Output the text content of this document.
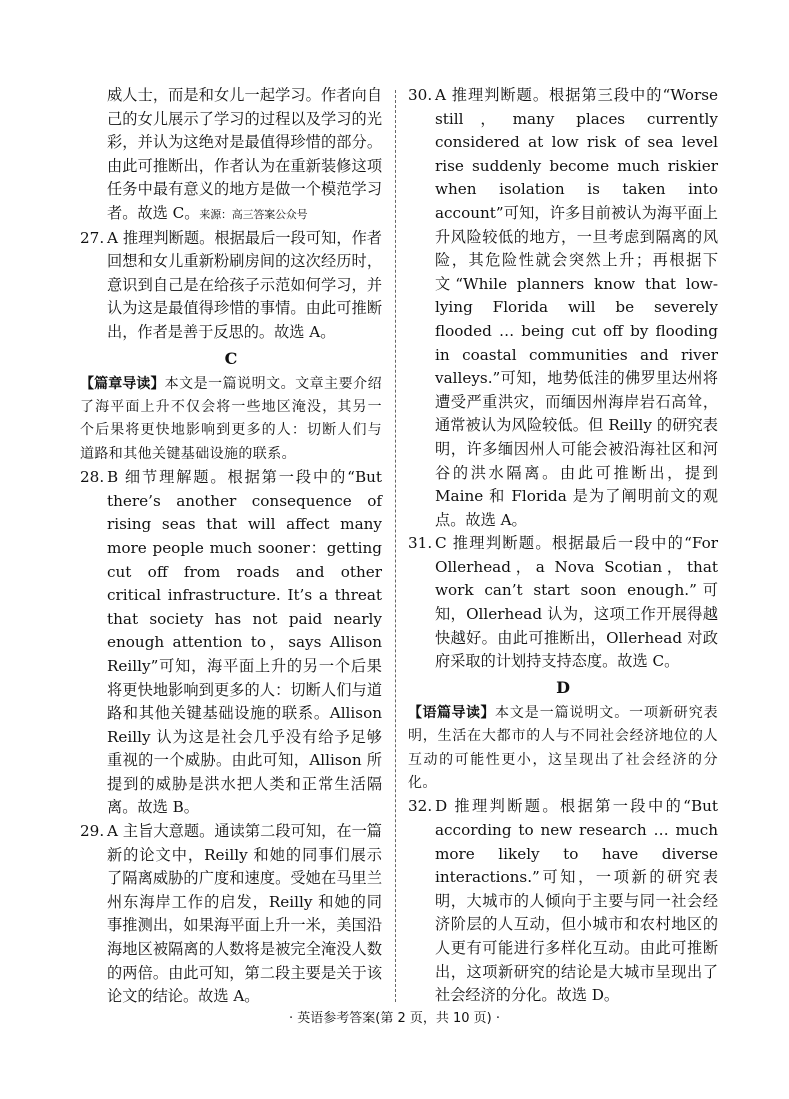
威人士，而是和女儿一起学习。作者向自己的女儿展示了学习的过程以及学习的光彩，并认为这绝对是最值得珍惜的部分。由此可推断出，作者认为在重新装修这项任务中最有意义的地方是做一个模范学习者。故选 C。来源：高三答案公众号
27. A 推理判断题。根据最后一段可知，作者回想和女儿重新粉刷房间的这次经历时，意识到自己是在给孩子示范如何学习，并认为这是最值得珍惜的事情。由此可推断出，作者是善于反思的。故选 A。
C
【篇章导读】本文是一篇说明文。文章主要介绍了海平面上升不仅会将一些地区淹没，其另一个后果将更快地影响到更多的人：切断人们与道路和其他关键基础设施的联系。
28. B 细节理解题。根据第一段中的“But there’s another consequence of rising seas that will affect many more people much sooner：getting cut off from roads and other critical infrastructure. It’s a threat that society has not paid nearly enough attention to，says Allison Reilly”可知，海平面上升的另一个后果将更快地影响到更多的人：切断人们与道路和其他关键基础设施的联系。Allison Reilly 认为这是社会几乎没有给予足够重视的一个威胁。由此可知，Allison 所提到的威胁是洪水把人类和正常生活隔离。故选 B。
29. A 主旨大意题。通读第二段可知，在一篇新的论文中，Reilly 和她的同事们展示了隔离威胁的广度和速度。受她在马里兰州东海岸工作的启发，Reilly 和她的同事推测出，如果海平面上升一米，美国沿海地区被隔离的人数将是被完全淹没人数的两倍。由此可知，第二段主要是关于该论文的结论。故选 A。
30. A 推理判断题。根据第三段中的“Worse still，many places currently considered at low risk of sea level rise suddenly become much riskier when isolation is taken into account”可知，许多目前被认为海平面上升风险较低的地方，一旦考虑到隔离的风险，其危险性就会突然上升；再根据下文“While planners know that low-lying Florida will be severely flooded … being cut off by flooding in coastal communities and river valleys.”可知，地势低洼的佛罗里达州将遭受严重洪灾，而缅因州海岸岩石高耸，通常被认为风险较低。但 Reilly 的研究表明，许多缅因州人可能会被沿海社区和河谷的洪水隔离。由此可推断出，提到 Maine 和 Florida 是为了阐明前文的观点。故选 A。
31. C 推理判断题。根据最后一段中的“For Ollerhead，a Nova Scotian，that work can’t start soon enough.”可知，Ollerhead 认为，这项工作开展得越快越好。由此可推断出，Ollerhead 对政府采取的计划持支持态度。故选 C。
D
【语篇导读】本文是一篇说明文。一项新研究表明，生活在大都市的人与不同社会经济地位的人互动的可能性更小，这呈现出了社会经济的分化。
32. D 推理判断题。根据第一段中的“But according to new research … much more likely to have diverse interactions.”可知，一项新的研究表明，大城市的人倾向于主要与同一社会经济阶层的人互动，但小城市和农村地区的人更有可能进行多样化互动。由此可推断出，这项新研究的结论是大城市呈现出了社会经济的分化。故选 D。
· 英语参考答案(第 2 页，共 10 页) ·
